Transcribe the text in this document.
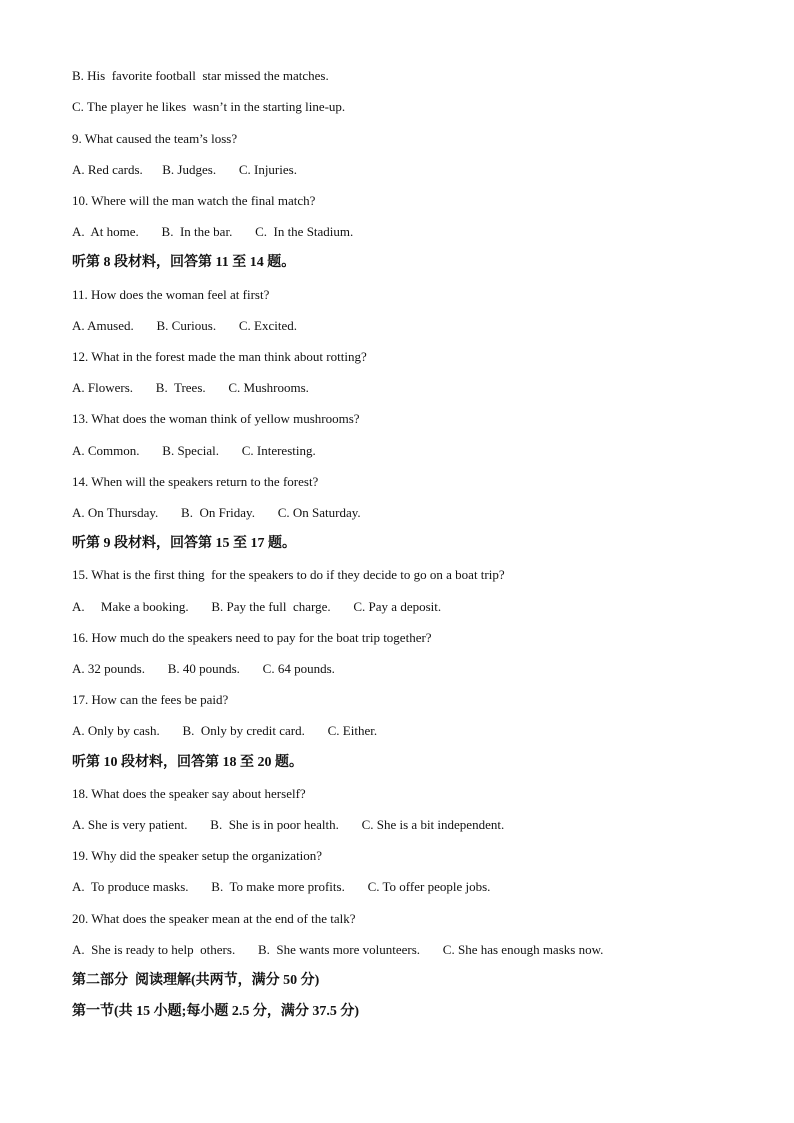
B. His  favorite football  star missed the matches.
C. The player he likes  wasn’t in the starting line-up.
9. What caused the team’s loss?
A. Red cards.      B. Judges.       C. Injuries.
10. Where will the man watch the final match?
A.  At home.       B.  In the bar.       C.  In the Stadium.
听第 8 段材料，回答第 11 至 14 题。
11. How does the woman feel at first?
A. Amused.       B. Curious.       C. Excited.
12. What in the forest made the man think about rotting?
A. Flowers.       B.  Trees.       C. Mushrooms.
13. What does the woman think of yellow mushrooms?
A. Common.       B. Special.       C. Interesting.
14. When will the speakers return to the forest?
A. On Thursday.       B.  On Friday.       C. On Saturday.
听第 9 段材料，回答第 15 至 17 题。
15. What is the first thing  for the speakers to do if they decide to go on a boat trip?
A.     Make a booking.       B. Pay the full  charge.       C. Pay a deposit.
16. How much do the speakers need to pay for the boat trip together?
A. 32 pounds.       B. 40 pounds.       C. 64 pounds.
17. How can the fees be paid?
A. Only by cash.       B.  Only by credit card.       C. Either.
听第 10 段材料，回答第 18 至 20 题。
18. What does the speaker say about herself?
A. She is very patient.       B.  She is in poor health.       C. She is a bit independent.
19. Why did the speaker setup the organization?
A.  To produce masks.       B.  To make more profits.       C. To offer people jobs.
20. What does the speaker mean at the end of the talk?
A.  She is ready to help  others.       B.  She wants more volunteers.       C. She has enough masks now.
第二部分  阅读理解(共两节，满分 50 分)
第一节(共 15 小题;每小题 2.5 分，满分 37.5 分)
